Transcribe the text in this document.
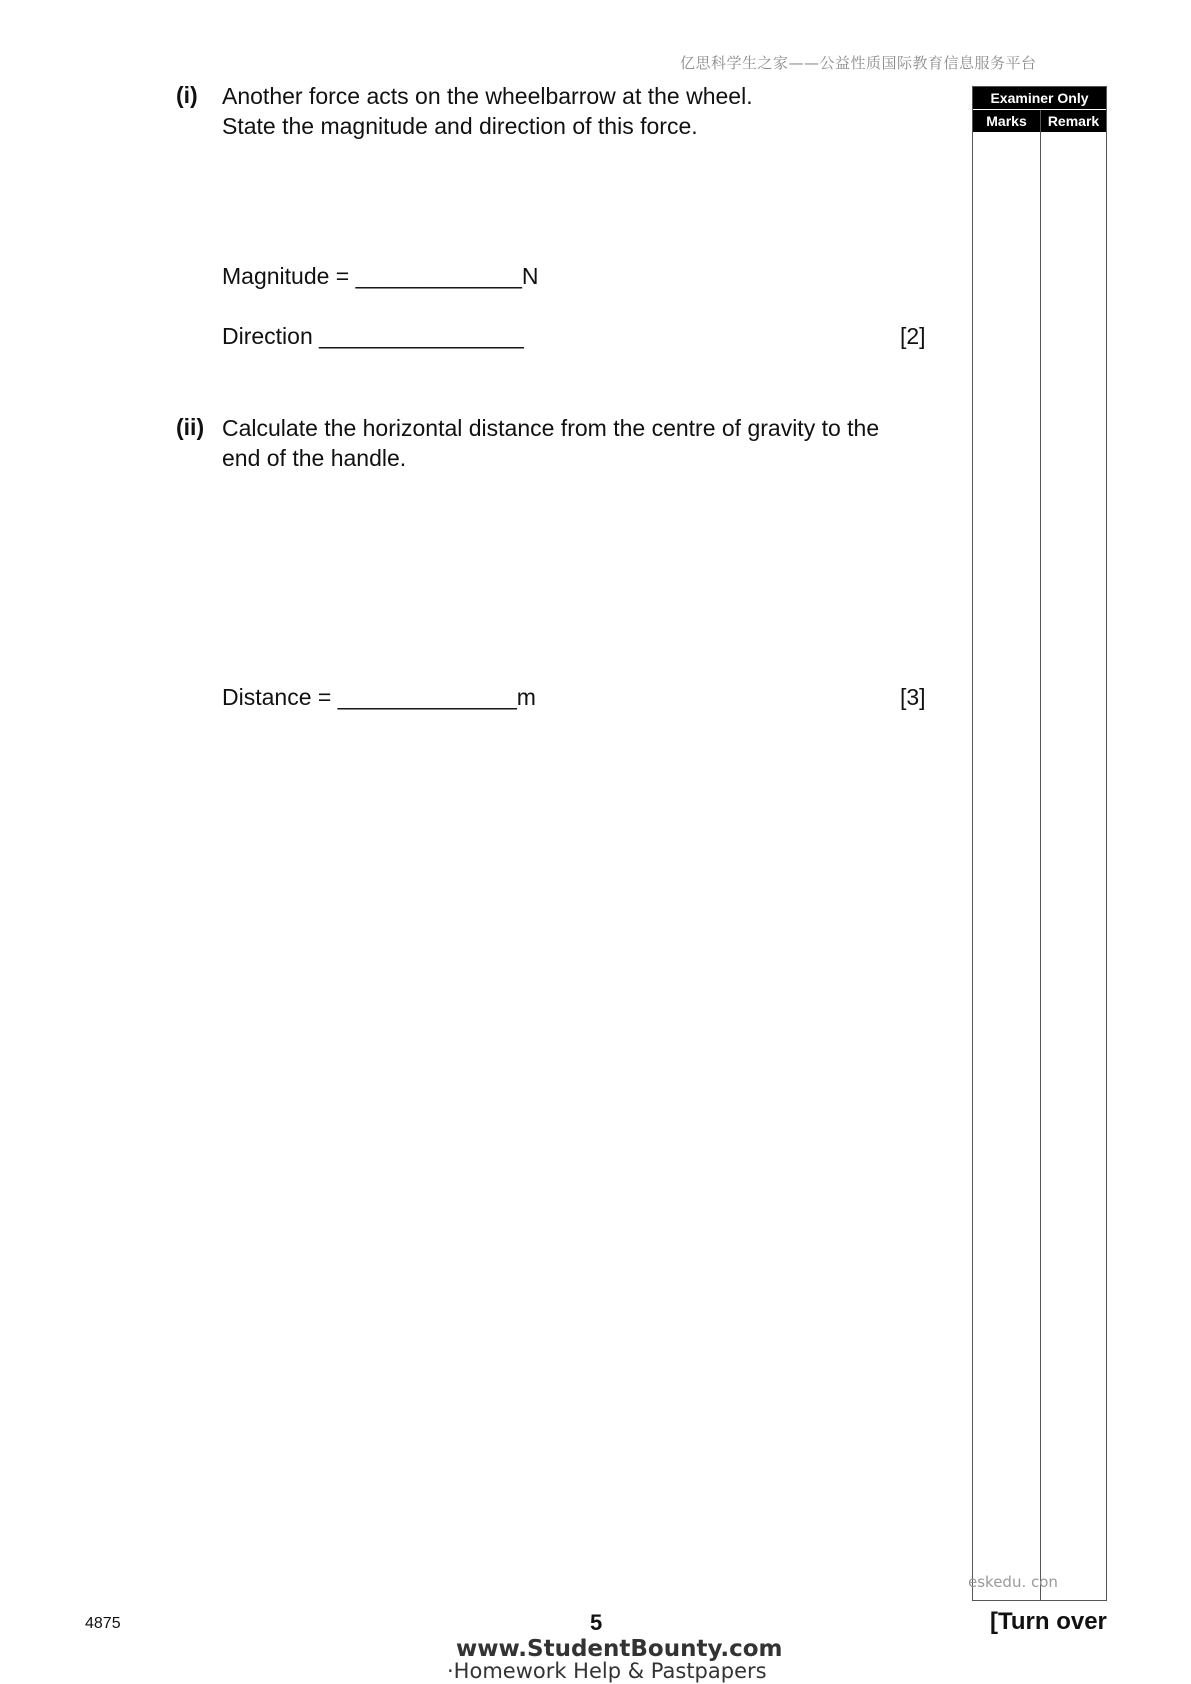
亿思科学生之家——公益性质国际教育信息服务平台
(i) Another force acts on the wheelbarrow at the wheel.
State the magnitude and direction of this force.
Magnitude = _____________N
Direction ________________	[2]
(ii) Calculate the horizontal distance from the centre of gravity to the
end of the handle.
Distance = ______________m	[3]
Examiner Only
Marks	Remark
eskedu. con
4875	5	[Turn over
www.StudentBounty.com
·Homework Help & Pastpapers
